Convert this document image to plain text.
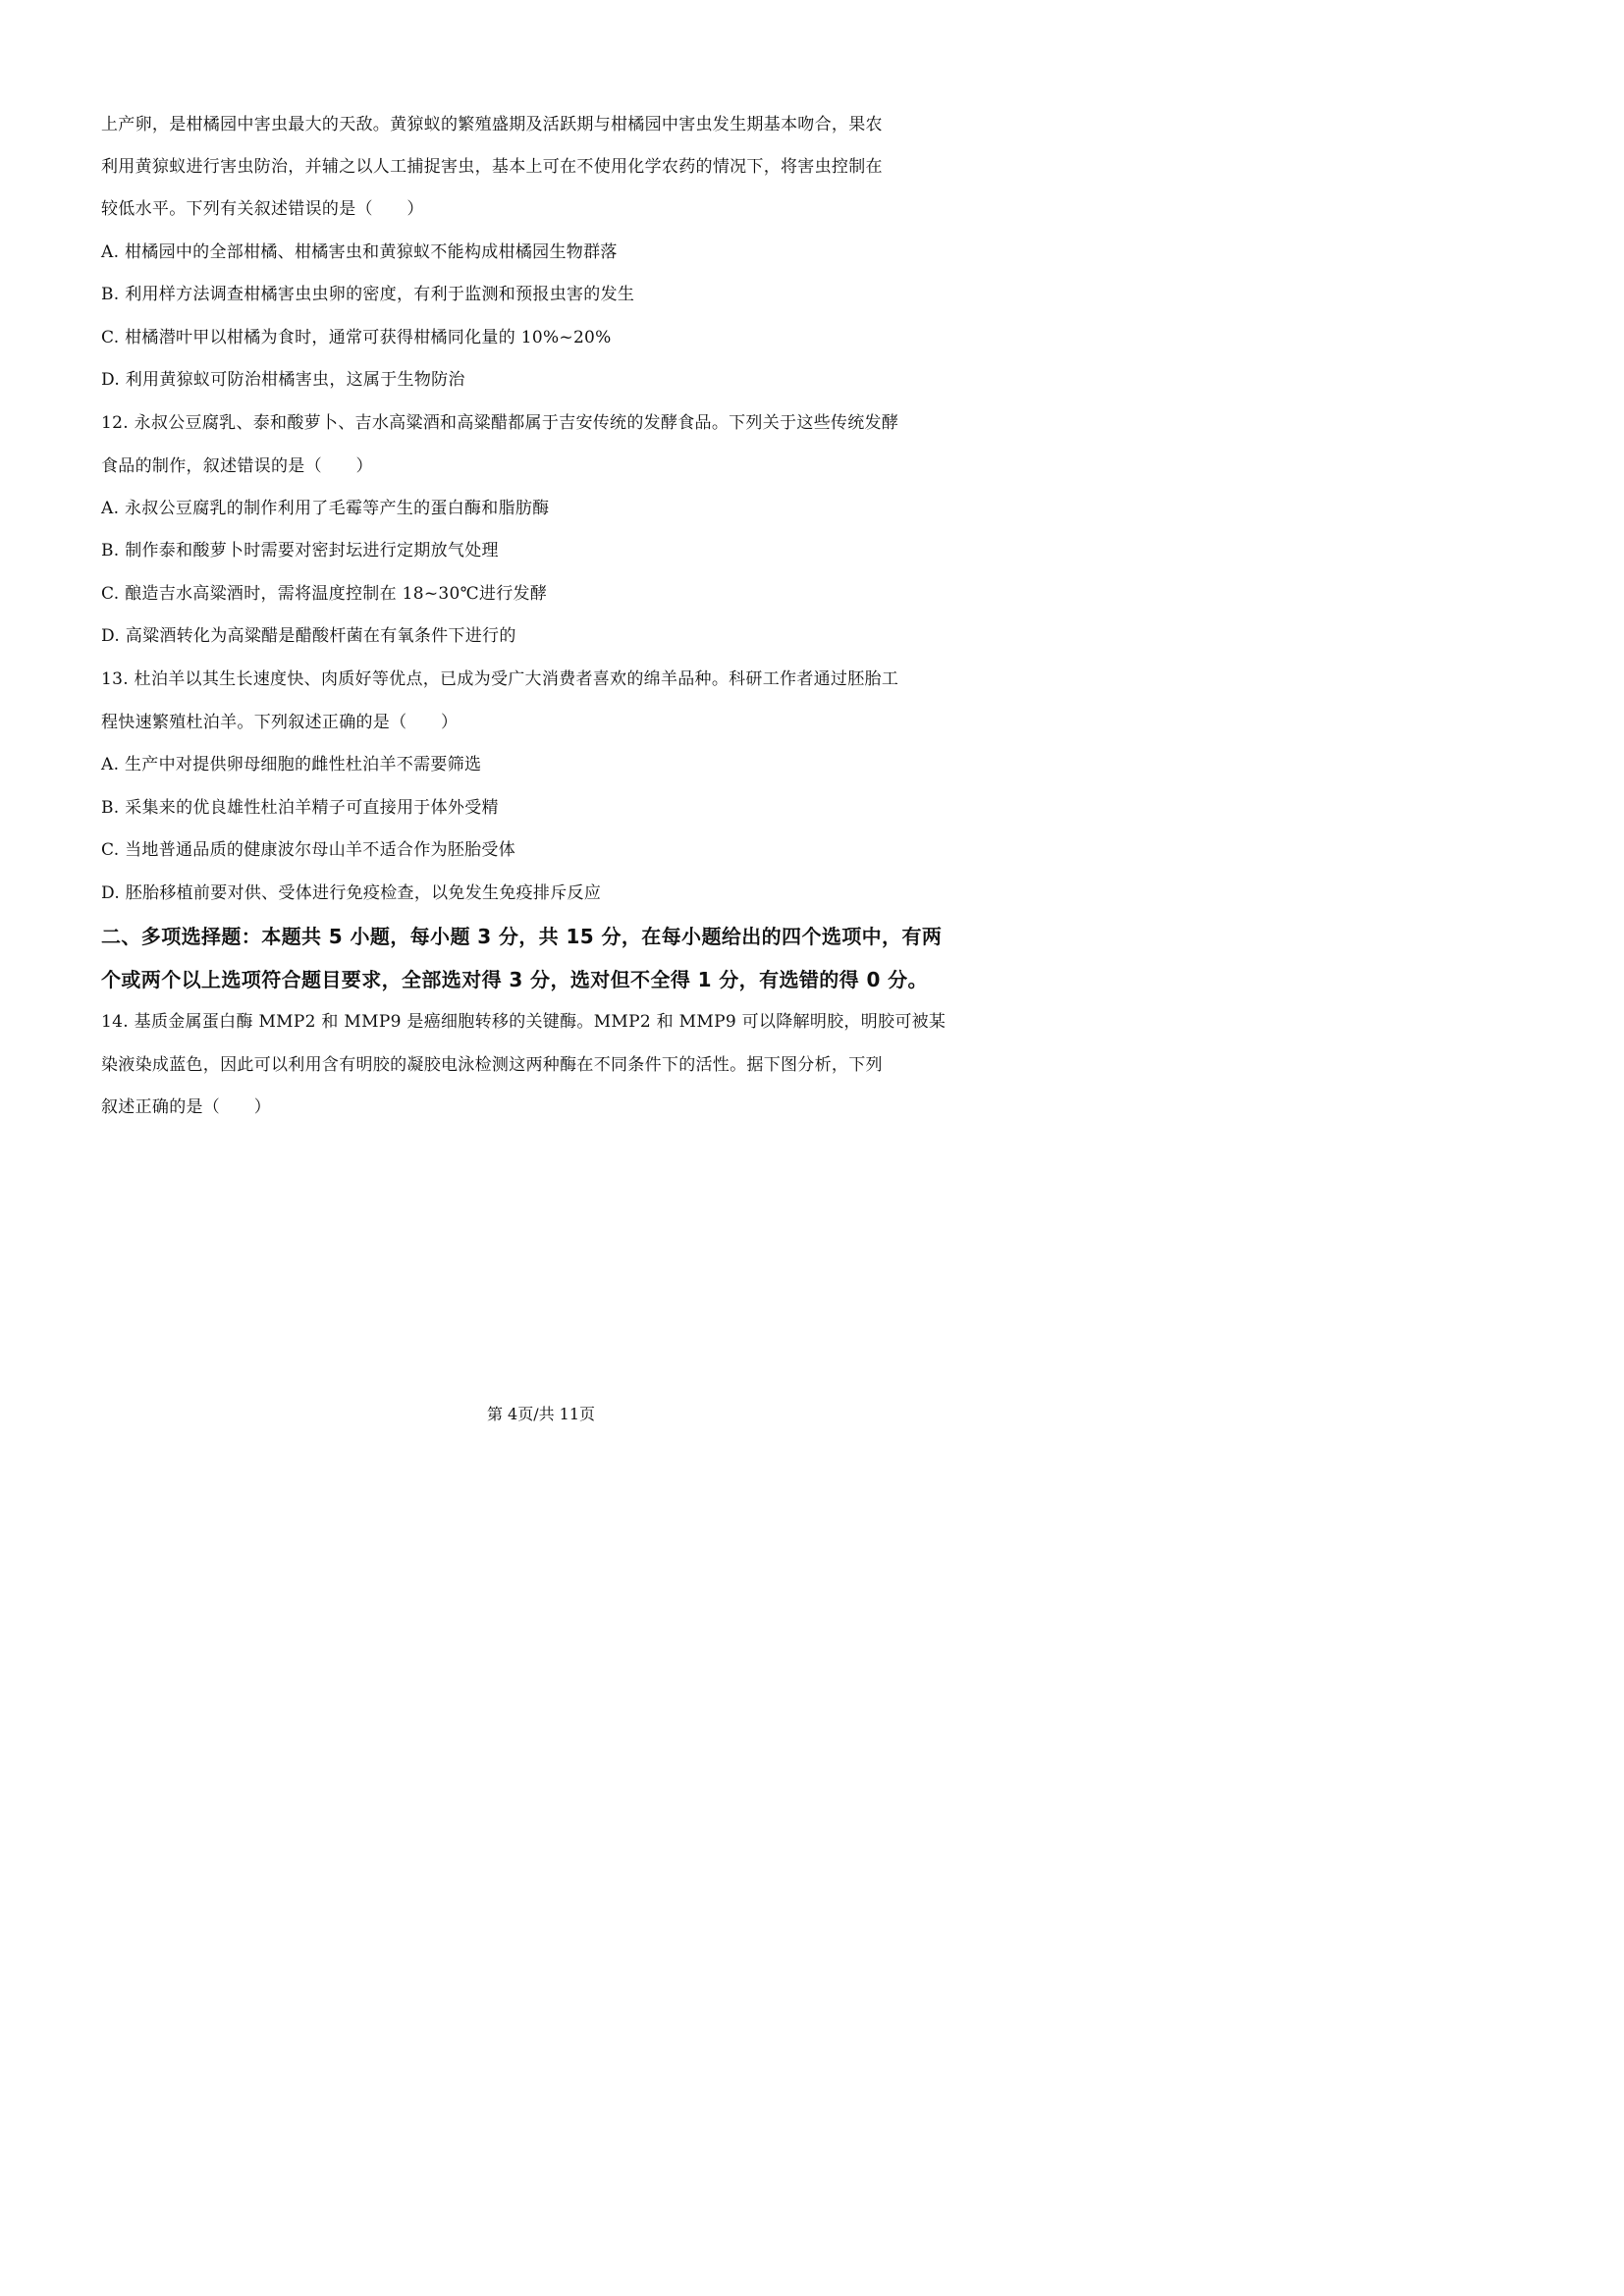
上产卵，是柑橘园中害虫最大的天敌。黄猄蚁的繁殖盛期及活跃期与柑橘园中害虫发生期基本吻合，果农
利用黄猄蚁进行害虫防治，并辅之以人工捕捉害虫，基本上可在不使用化学农药的情况下，将害虫控制在
较低水平。下列有关叙述错误的是（　　）
A. 柑橘园中的全部柑橘、柑橘害虫和黄猄蚁不能构成柑橘园生物群落
B. 利用样方法调查柑橘害虫虫卵的密度，有利于监测和预报虫害的发生
C. 柑橘潜叶甲以柑橘为食时，通常可获得柑橘同化量的 10%~20%
D. 利用黄猄蚁可防治柑橘害虫，这属于生物防治
12. 永叔公豆腐乳、泰和酸萝卜、吉水高粱酒和高粱醋都属于吉安传统的发酵食品。下列关于这些传统发酵
食品的制作，叙述错误的是（　　）
A. 永叔公豆腐乳的制作利用了毛霉等产生的蛋白酶和脂肪酶
B. 制作泰和酸萝卜时需要对密封坛进行定期放气处理
C. 酿造吉水高粱酒时，需将温度控制在 18~30℃进行发酵
D. 高粱酒转化为高粱醋是醋酸杆菌在有氧条件下进行的
13. 杜泊羊以其生长速度快、肉质好等优点，已成为受广大消费者喜欢的绵羊品种。科研工作者通过胚胎工
程快速繁殖杜泊羊。下列叙述正确的是（　　）
A. 生产中对提供卵母细胞的雌性杜泊羊不需要筛选
B. 采集来的优良雄性杜泊羊精子可直接用于体外受精
C. 当地普通品质的健康波尔母山羊不适合作为胚胎受体
D. 胚胎移植前要对供、受体进行免疫检查，以免发生免疫排斥反应
二、多项选择题：本题共 5 小题，每小题 3 分，共 15 分，在每小题给出的四个选项中，有两
个或两个以上选项符合题目要求，全部选对得 3 分，选对但不全得 1 分，有选错的得 0 分。
14. 基质金属蛋白酶 MMP2 和 MMP9 是癌细胞转移的关键酶。MMP2 和 MMP9 可以降解明胶，明胶可被某
染液染成蓝色，因此可以利用含有明胶的凝胶电泳检测这两种酶在不同条件下的活性。据下图分析，下列
叙述正确的是（　　）
第 4页/共 11页
